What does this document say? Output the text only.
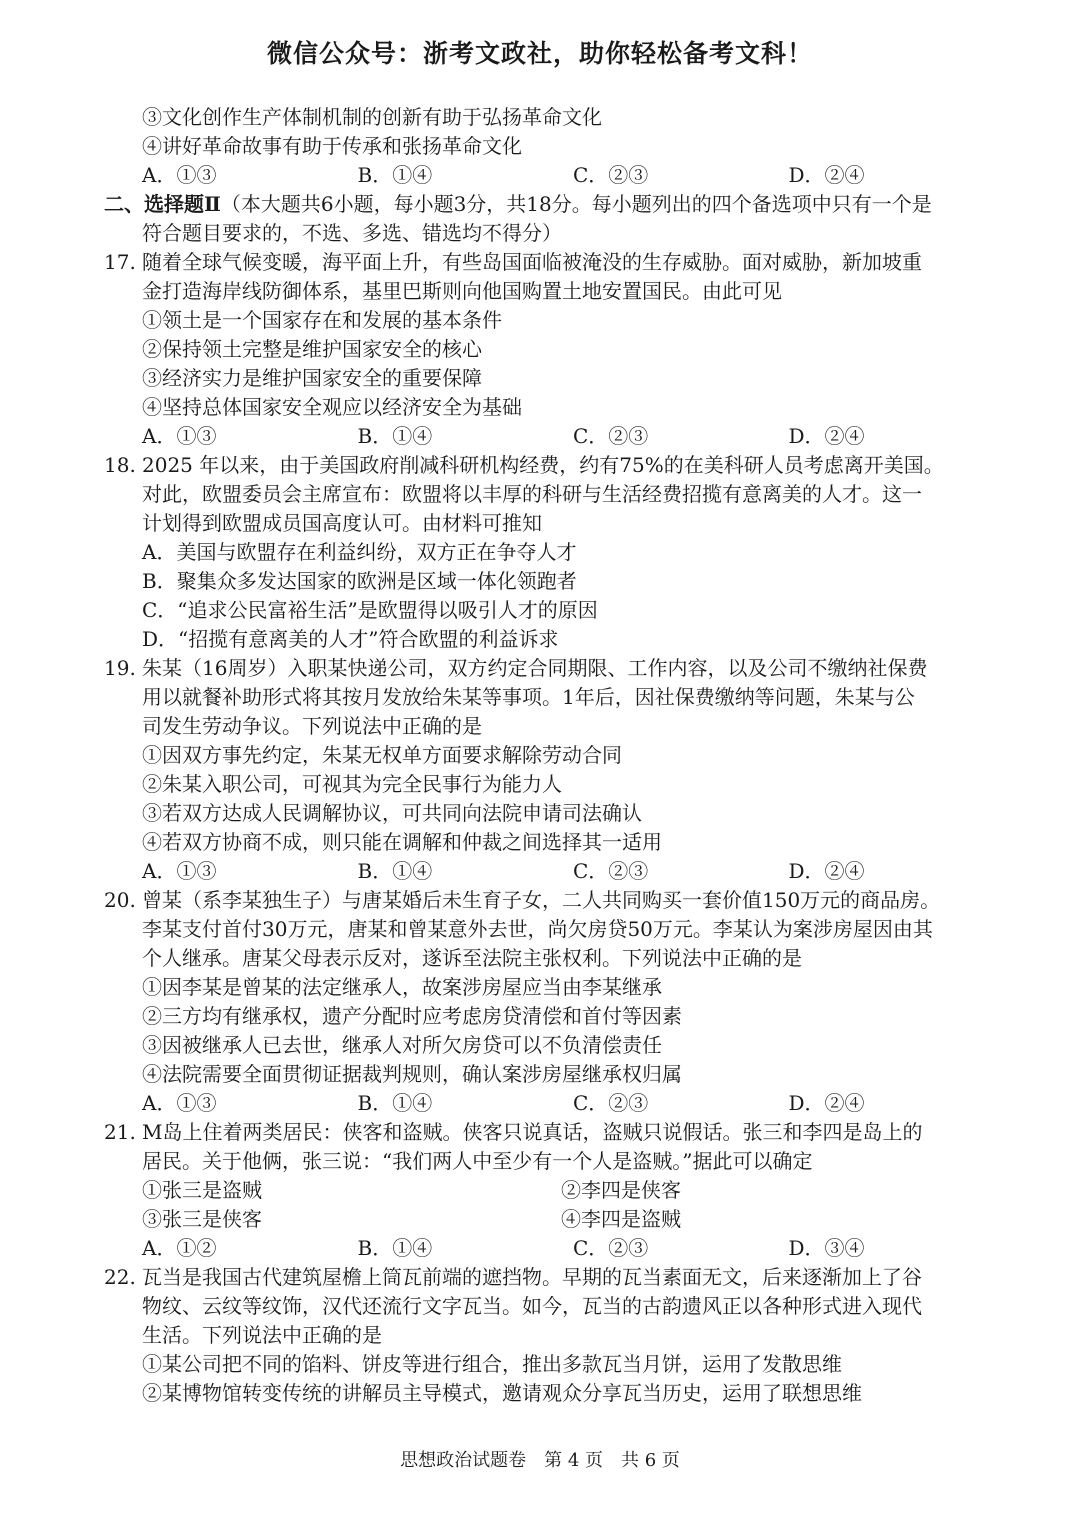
微信公众号：浙考文政社，助你轻松备考文科！
③文化创作生产体制机制的创新有助于弘扬革命文化
④讲好革命故事有助于传承和张扬革命文化
A．①③	B．①④	C．②③	D．②④
二、选择题Ⅱ（本大题共6小题，每小题3分，共18分。每小题列出的四个备选项中只有一个是
符合题目要求的，不选、多选、错选均不得分）
17. 随着全球气候变暖，海平面上升，有些岛国面临被淹没的生存威胁。面对威胁，新加坡重
金打造海岸线防御体系，基里巴斯则向他国购置土地安置国民。由此可见
①领土是一个国家存在和发展的基本条件
②保持领土完整是维护国家安全的核心
③经济实力是维护国家安全的重要保障
④坚持总体国家安全观应以经济安全为基础
A．①③	B．①④	C．②③	D．②④
18. 2025 年以来，由于美国政府削减科研机构经费，约有75%的在美科研人员考虑离开美国。
对此，欧盟委员会主席宣布：欧盟将以丰厚的科研与生活经费招揽有意离美的人才。这一
计划得到欧盟成员国高度认可。由材料可推知
A．美国与欧盟存在利益纠纷，双方正在争夺人才
B．聚集众多发达国家的欧洲是区域一体化领跑者
C．“追求公民富裕生活”是欧盟得以吸引人才的原因
D．“招揽有意离美的人才”符合欧盟的利益诉求
19. 朱某（16周岁）入职某快递公司，双方约定合同期限、工作内容，以及公司不缴纳社保费
用以就餐补助形式将其按月发放给朱某等事项。1年后，因社保费缴纳等问题，朱某与公
司发生劳动争议。下列说法中正确的是
①因双方事先约定，朱某无权单方面要求解除劳动合同
②朱某入职公司，可视其为完全民事行为能力人
③若双方达成人民调解协议，可共同向法院申请司法确认
④若双方协商不成，则只能在调解和仲裁之间选择其一适用
A．①③	B．①④	C．②③	D．②④
20. 曾某（系李某独生子）与唐某婚后未生育子女，二人共同购买一套价值150万元的商品房。
李某支付首付30万元，唐某和曾某意外去世，尚欠房贷50万元。李某认为案涉房屋因由其
个人继承。唐某父母表示反对，遂诉至法院主张权利。下列说法中正确的是
①因李某是曾某的法定继承人，故案涉房屋应当由李某继承
②三方均有继承权，遗产分配时应考虑房贷清偿和首付等因素
③因被继承人已去世，继承人对所欠房贷可以不负清偿责任
④法院需要全面贯彻证据裁判规则，确认案涉房屋继承权归属
A．①③	B．①④	C．②③	D．②④
21. M岛上住着两类居民：侠客和盗贼。侠客只说真话，盗贼只说假话。张三和李四是岛上的
居民。关于他俩，张三说：“我们两人中至少有一个人是盗贼。”据此可以确定
①张三是盗贼	②李四是侠客
③张三是侠客	④李四是盗贼
A．①②	B．①④	C．②③	D．③④
22. 瓦当是我国古代建筑屋檐上筒瓦前端的遮挡物。早期的瓦当素面无文，后来逐渐加上了谷
物纹、云纹等纹饰，汉代还流行文字瓦当。如今，瓦当的古韵遗风正以各种形式进入现代
生活。下列说法中正确的是
①某公司把不同的馅料、饼皮等进行组合，推出多款瓦当月饼，运用了发散思维
②某博物馆转变传统的讲解员主导模式，邀请观众分享瓦当历史，运用了联想思维
思想政治试题卷　第 4 页　共 6 页
